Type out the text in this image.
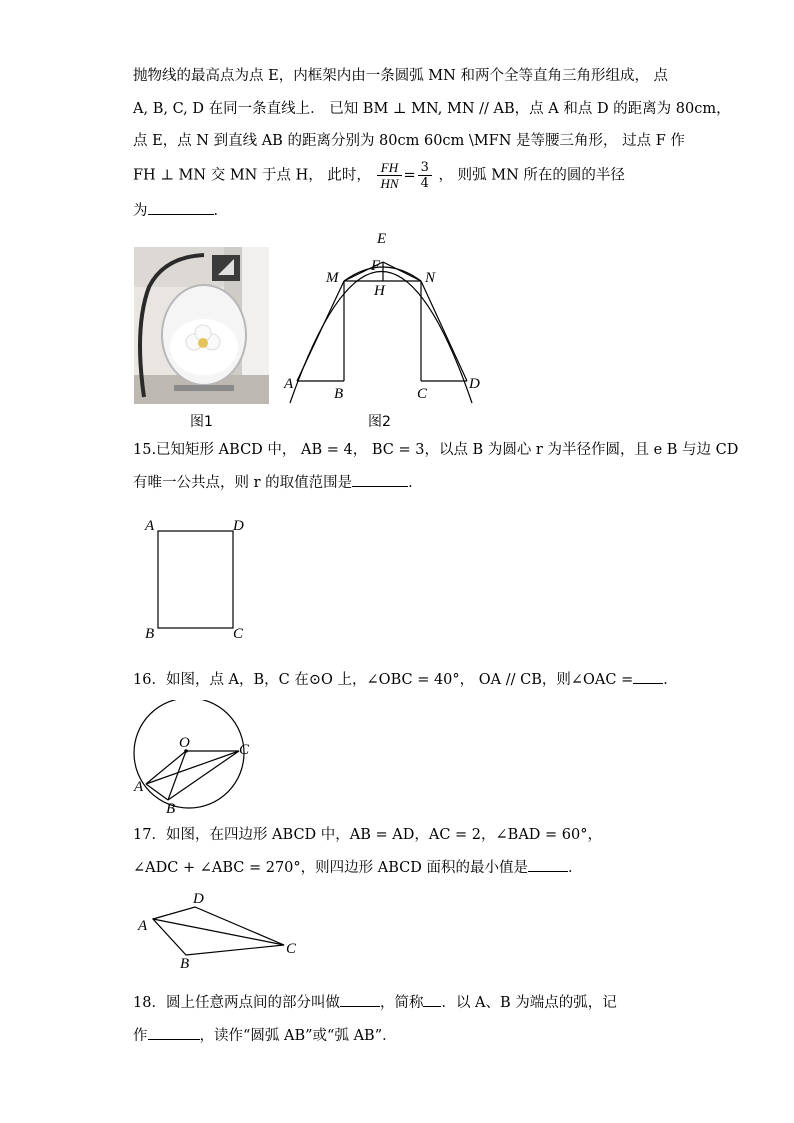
抛物线的最高点为点 E，内框架内由一条圆弧 MN 和两个全等直角三角形组成， 点
A, B, C, D 在同一条直线上． 已知 BM ⊥ MN, MN // AB，点 A 和点 D 的距离为 80cm，
点 E，点 N 到直线 AB 的距离分别为 80cm 60cm \MFN 是等腰三角形， 过点 F 作
FH ⊥ MN 交 MN 于点 H， 此时， $\frac{FH}{HN} = \frac{3}{4}$ ， 则弧 MN 所在的圆的半径
为	．
图1
E
F
M	N
H
A
B	C
D
图2
15.已知矩形 ABCD 中， AB = 4， BC = 3，以点 B 为圆心 r 为半径作圆，且 e B 与边 CD
有唯一公共点，则 r 的取值范围是	．
A	D
B	C
16．如图，点 A，B，C 在⊙O 上，∠OBC = 40°， OA // CB，则∠OAC = ．
O	C
A
B
17．如图，在四边形 ABCD 中，AB = AD，AC = 2，∠BAD = 60°，
∠ADC + ∠ABC = 270°，则四边形 ABCD 面积的最小值是	．
A
D
C
B
18．圆上任意两点间的部分叫做	，简称 ．以 A、B 为端点的弧，记
作	，读作“圆弧 AB”或“弧 AB”．
